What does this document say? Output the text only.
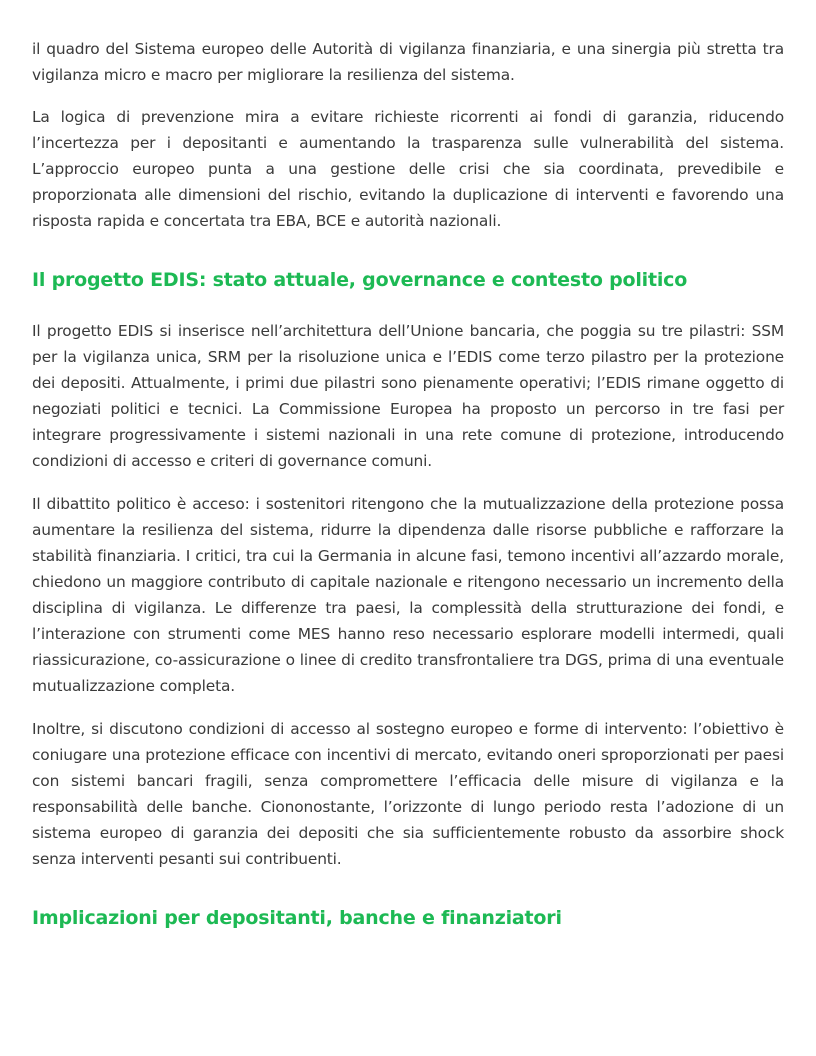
il quadro del Sistema europeo delle Autorità di vigilanza finanziaria, e una sinergia più stretta tra vigilanza micro e macro per migliorare la resilienza del sistema.

La logica di prevenzione mira a evitare richieste ricorrenti ai fondi di garanzia, riducendo l’incertezza per i depositanti e aumentando la trasparenza sulle vulnerabilità del sistema. L’approccio europeo punta a una gestione delle crisi che sia coordinata, prevedibile e proporzionata alle dimensioni del rischio, evitando la duplicazione di interventi e favorendo una risposta rapida e concertata tra EBA, BCE e autorità nazionali.

Il progetto EDIS: stato attuale, governance e contesto politico

Il progetto EDIS si inserisce nell’architettura dell’Unione bancaria, che poggia su tre pilastri: SSM per la vigilanza unica, SRM per la risoluzione unica e l’EDIS come terzo pilastro per la protezione dei depositi. Attualmente, i primi due pilastri sono pienamente operativi; l’EDIS rimane oggetto di negoziati politici e tecnici. La Commissione Europea ha proposto un percorso in tre fasi per integrare progressivamente i sistemi nazionali in una rete comune di protezione, introducendo condizioni di accesso e criteri di governance comuni.

Il dibattito politico è acceso: i sostenitori ritengono che la mutualizzazione della protezione possa aumentare la resilienza del sistema, ridurre la dipendenza dalle risorse pubbliche e rafforzare la stabilità finanziaria. I critici, tra cui la Germania in alcune fasi, temono incentivi all’azzardo morale, chiedono un maggiore contributo di capitale nazionale e ritengono necessario un incremento della disciplina di vigilanza. Le differenze tra paesi, la complessità della strutturazione dei fondi, e l’interazione con strumenti come MES hanno reso necessario esplorare modelli intermedi, quali riassicurazione, co-assicurazione o linee di credito transfrontaliere tra DGS, prima di una eventuale mutualizzazione completa.

Inoltre, si discutono condizioni di accesso al sostegno europeo e forme di intervento: l’obiettivo è coniugare una protezione efficace con incentivi di mercato, evitando oneri sproporzionati per paesi con sistemi bancari fragili, senza compromettere l’efficacia delle misure di vigilanza e la responsabilità delle banche. Ciononostante, l’orizzonte di lungo periodo resta l’adozione di un sistema europeo di garanzia dei depositi che sia sufficientemente robusto da assorbire shock senza interventi pesanti sui contribuenti.

Implicazioni per depositanti, banche e finanziatori
